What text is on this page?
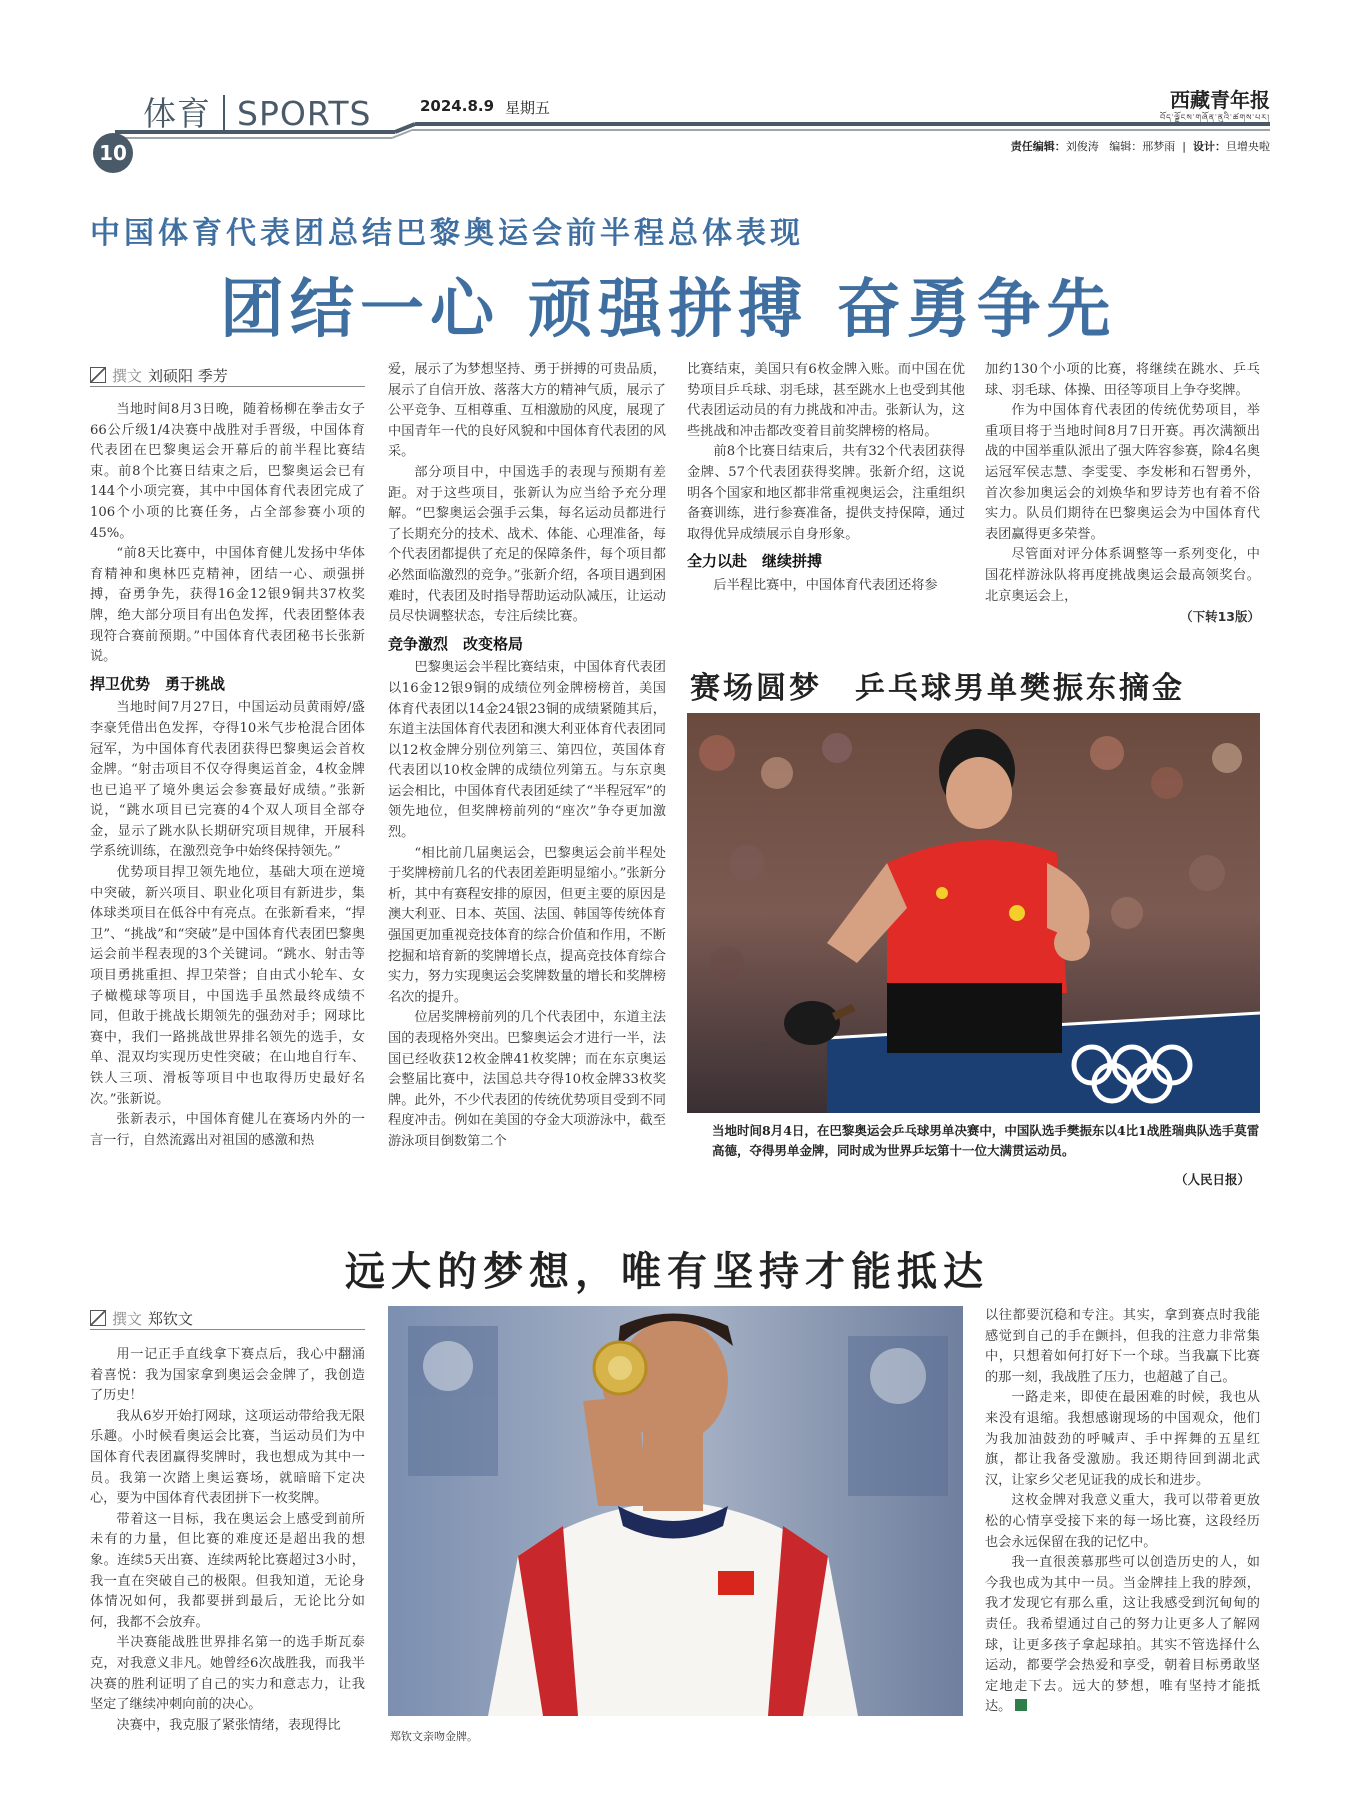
体育 SPORTS	2024.8.9 星期五	西藏青年报
བོད་ལྗོངས་གཞོན་ནུའི་ཚགས་པར།
10	责任编辑：刘俊涛 编辑：邢梦雨  |  设计：旦增央啦
中国体育代表团总结巴黎奥运会前半程总体表现
团结一心 顽强拼搏 奋勇争先
撰文 刘硕阳 季芳

当地时间8月3日晚，随着杨柳在拳击女子66公斤级1/4决赛中战胜对手晋级，中国体育代表团在巴黎奥运会开幕后的前半程比赛结束。前8个比赛日结束之后，巴黎奥运会已有144个小项完赛，其中中国体育代表团完成了106个小项的比赛任务，占全部参赛小项的45%。

“前8天比赛中，中国体育健儿发扬中华体育精神和奥林匹克精神，团结一心、顽强拼搏，奋勇争先，获得16金12银9铜共37枚奖牌，绝大部分项目有出色发挥，代表团整体表现符合赛前预期。”中国体育代表团秘书长张新说。

捍卫优势　勇于挑战

当地时间7月27日，中国运动员黄雨婷/盛李豪凭借出色发挥，夺得10米气步枪混合团体冠军，为中国体育代表团获得巴黎奥运会首枚金牌。“射击项目不仅夺得奥运首金，4枚金牌也已追平了境外奥运会参赛最好成绩。”张新说，“跳水项目已完赛的4个双人项目全部夺金，显示了跳水队长期研究项目规律，开展科学系统训练，在激烈竞争中始终保持领先。”

优势项目捍卫领先地位，基础大项在逆境中突破，新兴项目、职业化项目有新进步，集体球类项目在低谷中有亮点。在张新看来，“捍卫”、“挑战”和“突破”是中国体育代表团巴黎奥运会前半程表现的3个关键词。“跳水、射击等项目勇挑重担、捍卫荣誉；自由式小轮车、女子橄榄球等项目，中国选手虽然最终成绩不同，但敢于挑战长期领先的强劲对手；网球比赛中，我们一路挑战世界排名领先的选手，女单、混双均实现历史性突破；在山地自行车、铁人三项、滑板等项目中也取得历史最好名次。”张新说。

张新表示，中国体育健儿在赛场内外的一言一行，自然流露出对祖国的感激和热

爱，展示了为梦想坚持、勇于拼搏的可贵品质，展示了自信开放、落落大方的精神气质，展示了公平竞争、互相尊重、互相激励的风度，展现了中国青年一代的良好风貌和中国体育代表团的风采。

部分项目中，中国选手的表现与预期有差距。对于这些项目，张新认为应当给予充分理解。“巴黎奥运会强手云集，每名运动员都进行了长期充分的技术、战术、体能、心理准备，每个代表团都提供了充足的保障条件，每个项目都必然面临激烈的竞争。”张新介绍，各项目遇到困难时，代表团及时指导帮助运动队减压，让运动员尽快调整状态，专注后续比赛。

竞争激烈　改变格局

巴黎奥运会半程比赛结束，中国体育代表团以16金12银9铜的成绩位列金牌榜榜首，美国体育代表团以14金24银23铜的成绩紧随其后，东道主法国体育代表团和澳大利亚体育代表团同以12枚金牌分别位列第三、第四位，英国体育代表团以10枚金牌的成绩位列第五。与东京奥运会相比，中国体育代表团延续了“半程冠军”的领先地位，但奖牌榜前列的“座次”争夺更加激烈。

“相比前几届奥运会，巴黎奥运会前半程处于奖牌榜前几名的代表团差距明显缩小。”张新分析，其中有赛程安排的原因，但更主要的原因是澳大利亚、日本、英国、法国、韩国等传统体育强国更加重视竞技体育的综合价值和作用，不断挖掘和培育新的奖牌增长点，提高竞技体育综合实力，努力实现奥运会奖牌数量的增长和奖牌榜名次的提升。

位居奖牌榜前列的几个代表团中，东道主法国的表现格外突出。巴黎奥运会才进行一半，法国已经收获12枚金牌41枚奖牌；而在东京奥运会整届比赛中，法国总共夺得10枚金牌33枚奖牌。此外，不少代表团的传统优势项目受到不同程度冲击。例如在美国的夺金大项游泳中，截至游泳项目倒数第二个

比赛结束，美国只有6枚金牌入账。而中国在优势项目乒乓球、羽毛球，甚至跳水上也受到其他代表团运动员的有力挑战和冲击。张新认为，这些挑战和冲击都改变着目前奖牌榜的格局。

前8个比赛日结束后，共有32个代表团获得金牌、57个代表团获得奖牌。张新介绍，这说明各个国家和地区都非常重视奥运会，注重组织备赛训练，进行参赛准备，提供支持保障，通过取得优异成绩展示自身形象。

全力以赴　继续拼搏

后半程比赛中，中国体育代表团还将参

加约130个小项的比赛，将继续在跳水、乒乓球、羽毛球、体操、田径等项目上争夺奖牌。

作为中国体育代表团的传统优势项目，举重项目将于当地时间8月7日开赛。再次满额出战的中国举重队派出了强大阵容参赛，除4名奥运冠军侯志慧、李雯雯、李发彬和石智勇外，首次参加奥运会的刘焕华和罗诗芳也有着不俗实力。队员们期待在巴黎奥运会为中国体育代表团赢得更多荣誉。

尽管面对评分体系调整等一系列变化，中国花样游泳队将再度挑战奥运会最高领奖台。北京奥运会上，

（下转13版）
赛场圆梦　乒乓球男单樊振东摘金
当地时间8月4日，在巴黎奥运会乒乓球男单决赛中，中国队选手樊振东以4比1战胜瑞典队选手莫雷高德，夺得男单金牌，同时成为世界乒坛第十一位大满贯运动员。
（人民日报）
远大的梦想，唯有坚持才能抵达
撰文 郑钦文

用一记正手直线拿下赛点后，我心中翻涌着喜悦：我为国家拿到奥运会金牌了，我创造了历史！

我从6岁开始打网球，这项运动带给我无限乐趣。小时候看奥运会比赛，当运动员们为中国体育代表团赢得奖牌时，我也想成为其中一员。我第一次踏上奥运赛场，就暗暗下定决心，要为中国体育代表团拼下一枚奖牌。

带着这一目标，我在奥运会上感受到前所未有的力量，但比赛的难度还是超出我的想象。连续5天出赛、连续两轮比赛超过3小时，我一直在突破自己的极限。但我知道，无论身体情况如何，我都要拼到最后，无论比分如何，我都不会放弃。

半决赛能战胜世界排名第一的选手斯瓦泰克，对我意义非凡。她曾经6次战胜我，而我半决赛的胜利证明了自己的实力和意志力，让我坚定了继续冲刺向前的决心。

决赛中，我克服了紧张情绪，表现得比

郑钦文亲吻金牌。

以往都要沉稳和专注。其实，拿到赛点时我能感觉到自己的手在颤抖，但我的注意力非常集中，只想着如何打好下一个球。当我赢下比赛的那一刻，我战胜了压力，也超越了自己。

一路走来，即使在最困难的时候，我也从来没有退缩。我想感谢现场的中国观众，他们为我加油鼓劲的呼喊声、手中挥舞的五星红旗，都让我备受激励。我还期待回到湖北武汉，让家乡父老见证我的成长和进步。

这枚金牌对我意义重大，我可以带着更放松的心情享受接下来的每一场比赛，这段经历也会永远保留在我的记忆中。

我一直很羡慕那些可以创造历史的人，如今我也成为其中一员。当金牌挂上我的脖颈，我才发现它有那么重，这让我感受到沉甸甸的责任。我希望通过自己的努力让更多人了解网球，让更多孩子拿起球拍。其实不管选择什么运动，都要学会热爱和享受，朝着目标勇敢坚定地走下去。远大的梦想，唯有坚持才能抵达。
